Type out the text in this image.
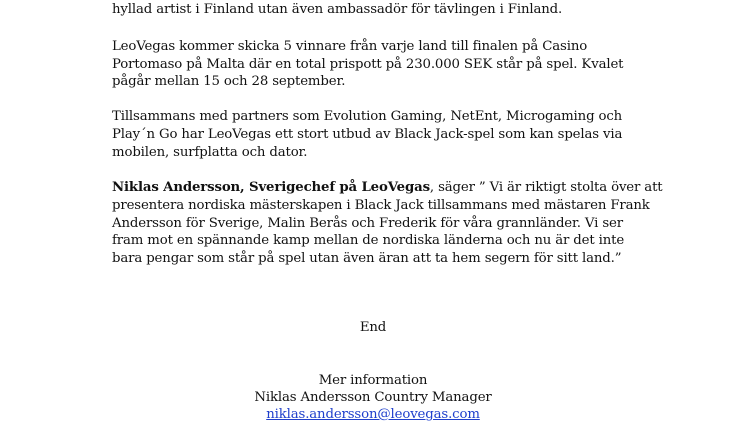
hyllad artist i Finland utan även ambassadör för tävlingen i Finland.
LeoVegas kommer skicka 5 vinnare från varje land till finalen på Casino
Portomaso på Malta där en total prispott på 230.000 SEK står på spel. Kvalet
pågår mellan 15 och 28 september.
Tillsammans med partners som Evolution Gaming, NetEnt, Microgaming och
Play´n Go har LeoVegas ett stort utbud av Black Jack-spel som kan spelas via
mobilen, surfplatta och dator.
Niklas Andersson, Sverigechef på LeoVegas, säger ” Vi är riktigt stolta över att
presentera nordiska mästerskapen i Black Jack tillsammans med mästaren Frank
Andersson för Sverige, Malin Berås och Frederik för våra grannländer. Vi ser
fram mot en spännande kamp mellan de nordiska länderna och nu är det inte
bara pengar som står på spel utan även äran att ta hem segern för sitt land.”
End
Mer information
Niklas Andersson Country Manager
niklas.andersson@leovegas.com
